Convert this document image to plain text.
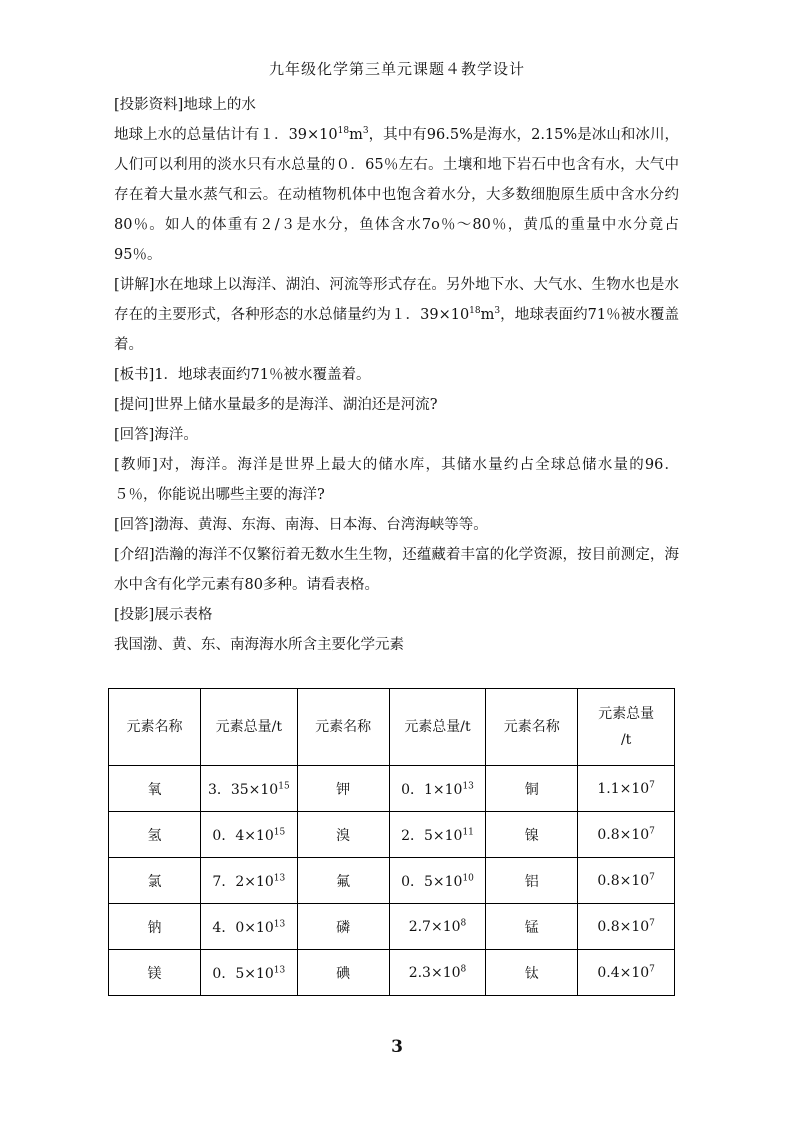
九年级化学第三单元课题４教学设计

[投影资料]地球上的水

地球上水的总量估计有１．$39\times 10^{18}m^3$，其中有96.5%是海水，2.15%是冰山和冰川，人们可以利用的淡水只有水总量的０．65％左右。土壤和地下岩石中也含有水，大气中存在着大量水蒸气和云。在动植物机体中也饱含着水分，大多数细胞原生质中含水分约80％。如人的体重有２/３是水分，鱼体含水7o％～80％，黄瓜的重量中水分竟占95％。

[讲解]水在地球上以海洋、湖泊、河流等形式存在。另外地下水、大气水、生物水也是水存在的主要形式，各种形态的水总储量约为１．$39\times 10^{18}m^3$，地球表面约71％被水覆盖着。

[板书]1．地球表面约71％被水覆盖着。

[提问]世界上储水量最多的是海洋、湖泊还是河流?

[回答]海洋。

[教师]对，海洋。海洋是世界上最大的储水库，其储水量约占全球总储水量的96．５％，你能说出哪些主要的海洋?

[回答]渤海、黄海、东海、南海、日本海、台湾海峡等等。

[介绍]浩瀚的海洋不仅繁衍着无数水生生物，还蕴藏着丰富的化学资源，按目前测定，海水中含有化学元素有80多种。请看表格。

[投影]展示表格

我国渤、黄、东、南海海水所含主要化学元素

元素名称	元素总量/t	元素名称	元素总量/t	元素名称	元素总量
/t
氧	3．$35\times 10^{15}$	钾	0．$1\times 10^{13}$	铜	$1.1\times 10^7$
氢	0．$4\times 10^{15}$	溴	2．$5\times 10^{11}$	镍	$0.8\times 10^7$
氯	7．$2\times 10^{13}$	氟	0．$5\times 10^{10}$	铝	$0.8\times 10^7$
钠	4．$0\times 10^{13}$	磷	$2.7\times 10^8$	锰	$0.8\times 10^7$
镁	0．$5\times 10^{13}$	碘	$2.3\times 10^8$	钛	$0.4\times 10^7$
3
